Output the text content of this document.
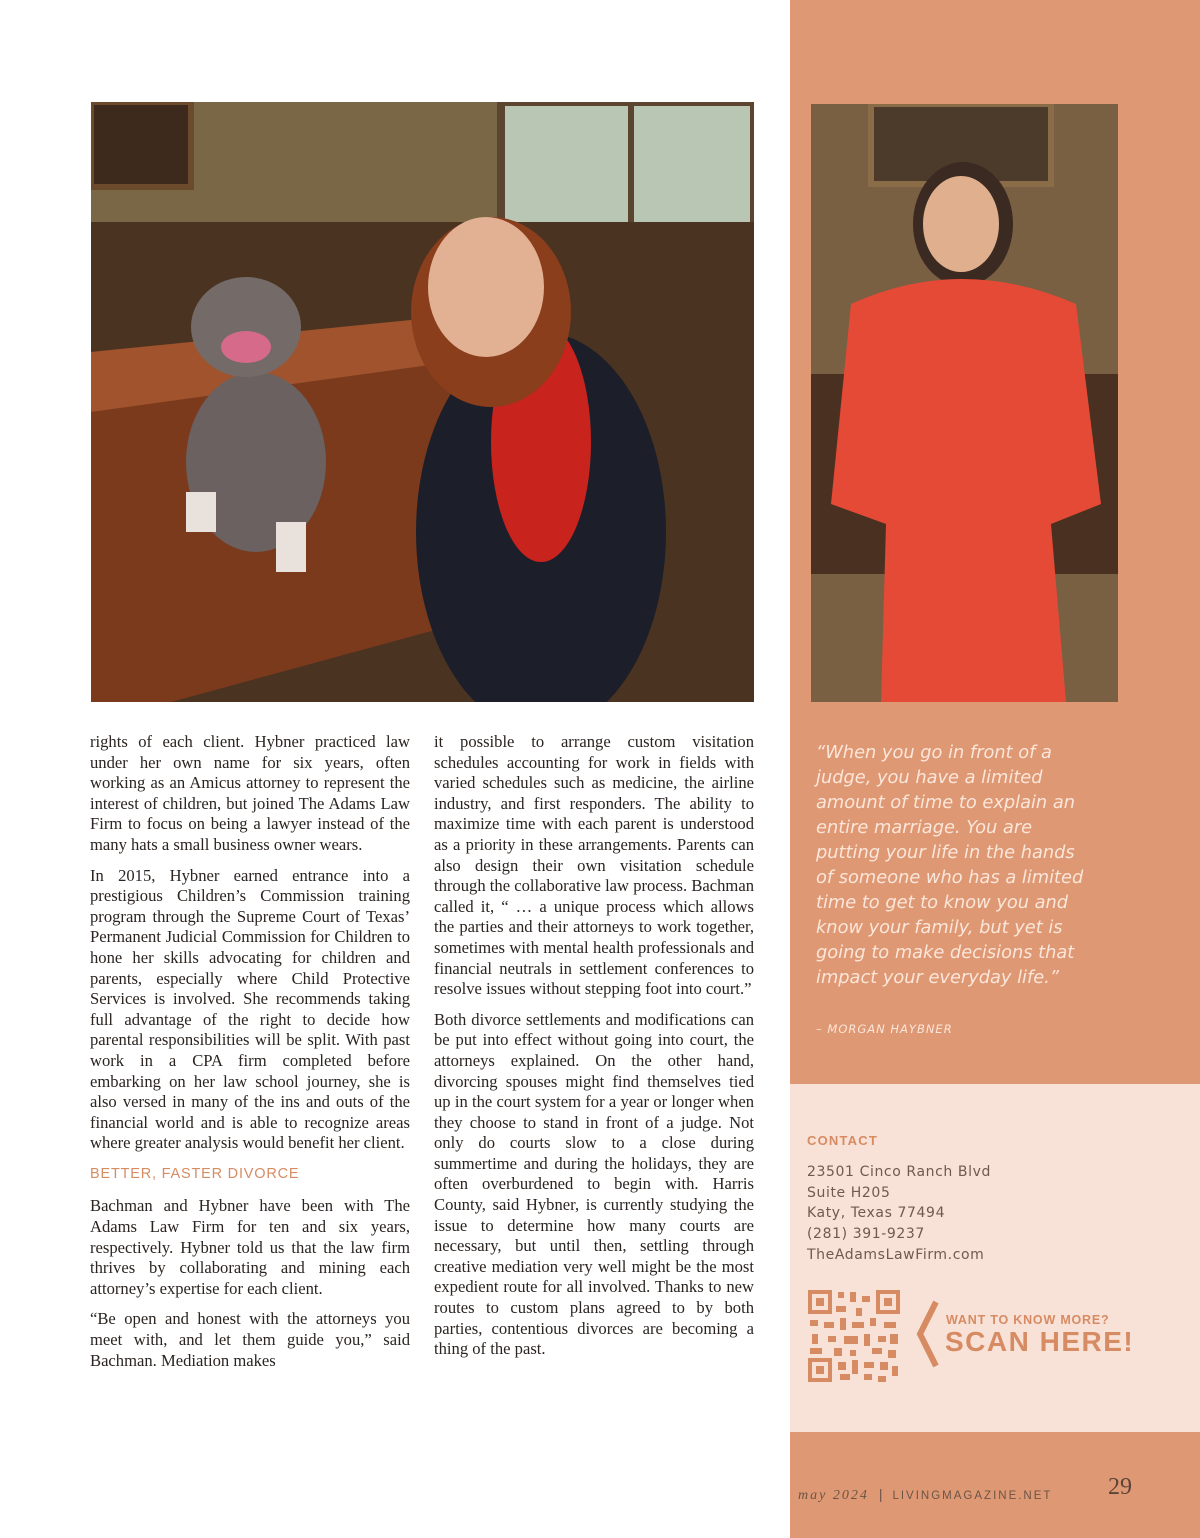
rights of each client. Hybner practiced law under her own name for six years, often working as an Amicus attorney to represent the interest of children, but joined The Adams Law Firm to focus on being a lawyer instead of the many hats a small business owner wears.

In 2015, Hybner earned entrance into a prestigious Children’s Commission training program through the Supreme Court of Texas’ Permanent Judicial Commission for Children to hone her skills advocating for children and parents, especially where Child Protective Services is involved. She recommends taking full advantage of the right to decide how parental responsibilities will be split. With past work in a CPA firm completed before embarking on her law school journey, she is also versed in many of the ins and outs of the financial world and is able to recognize areas where greater analysis would benefit her client.

BETTER, FASTER DIVORCE

Bachman and Hybner have been with The Adams Law Firm for ten and six years, respectively. Hybner told us that the law firm thrives by collaborating and mining each attorney’s expertise for each client.

“Be open and honest with the attorneys you meet with, and let them guide you,” said Bachman. Mediation makes

it possible to arrange custom visitation schedules accounting for work in fields with varied schedules such as medicine, the airline industry, and first responders. The ability to maximize time with each parent is understood as a priority in these arrangements. Parents can also design their own visitation schedule through the collaborative law process. Bachman called it, “ … a unique process which allows the parties and their attorneys to work together, sometimes with mental health professionals and financial neutrals in settlement conferences to resolve issues without stepping foot into court.”

Both divorce settlements and modifications can be put into effect without going into court, the attorneys explained. On the other hand, divorcing spouses might find themselves tied up in the court system for a year or longer when they choose to stand in front of a judge. Not only do courts slow to a close during summertime and during the holidays, they are often overburdened to begin with. Harris County, said Hybner, is currently studying the issue to determine how many courts are necessary, but until then, settling through creative mediation very well might be the most expedient route for all involved. Thanks to new routes to custom plans agreed to by both parties, contentious divorces are becoming a thing of the past.

“When you go in front of a judge, you have a limited amount of time to explain an entire marriage. You are putting your life in the hands of someone who has a limited time to get to know you and know your family, but yet is going to make decisions that impact your everyday life.”
– MORGAN HAYBNER
CONTACT
23501 Cinco Ranch Blvd
Suite H205
Katy, Texas 77494
(281) 391-9237
TheAdamsLawFirm.com
WANT TO KNOW MORE?
SCAN HERE!
may 2024 | LIVINGMAGAZINE.NET 29
